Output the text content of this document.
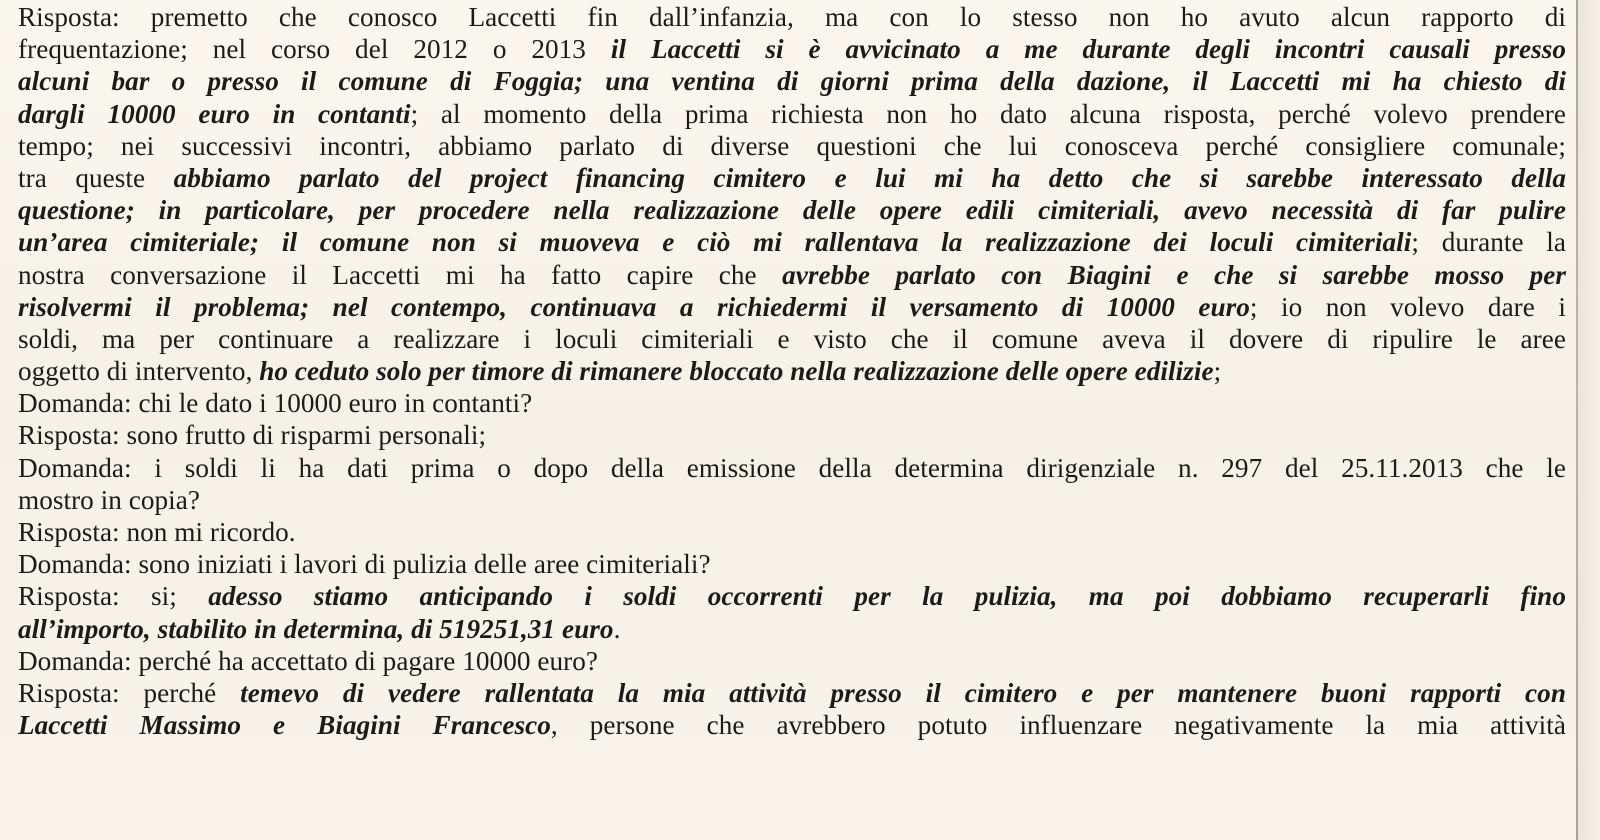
Risposta: premetto che conosco Laccetti fin dall’infanzia, ma con lo stesso non ho avuto alcun rapporto di
frequentazione; nel corso del 2012 o 2013 il Laccetti si è avvicinato a me durante degli incontri causali presso
alcuni bar o presso il comune di Foggia; una ventina di giorni prima della dazione, il Laccetti mi ha chiesto di
dargli 10000 euro in contanti; al momento della prima richiesta non ho dato alcuna risposta, perché volevo prendere
tempo; nei successivi incontri, abbiamo parlato di diverse questioni che lui conosceva perché consigliere comunale;
tra queste abbiamo parlato del project financing cimitero e lui mi ha detto che si sarebbe interessato della
questione; in particolare, per procedere nella realizzazione delle opere edili cimiteriali, avevo necessità di far pulire
un’area cimiteriale; il comune non si muoveva e ciò mi rallentava la realizzazione dei loculi cimiteriali; durante la
nostra conversazione il Laccetti mi ha fatto capire che avrebbe parlato con Biagini e che si sarebbe mosso per
risolvermi il problema; nel contempo, continuava a richiedermi il versamento di 10000 euro; io non volevo dare i
soldi, ma per continuare a realizzare i loculi cimiteriali e visto che il comune aveva il dovere di ripulire le aree
oggetto di intervento, ho ceduto solo per timore di rimanere bloccato nella realizzazione delle opere edilizie;
Domanda: chi le dato i 10000 euro in contanti?
Risposta: sono frutto di risparmi personali;
Domanda: i soldi li ha dati prima o dopo della emissione della determina dirigenziale n. 297 del 25.11.2013 che le
mostro in copia?
Risposta: non mi ricordo.
Domanda: sono iniziati i lavori di pulizia delle aree cimiteriali?
Risposta: si; adesso stiamo anticipando i soldi occorrenti per la pulizia, ma poi dobbiamo recuperarli fino
all’importo, stabilito in determina, di 519251,31 euro.
Domanda: perché ha accettato di pagare 10000 euro?
Risposta: perché temevo di vedere rallentata la mia attività presso il cimitero e per mantenere buoni rapporti con
Laccetti Massimo e Biagini Francesco, persone che avrebbero potuto influenzare negativamente la mia attività
